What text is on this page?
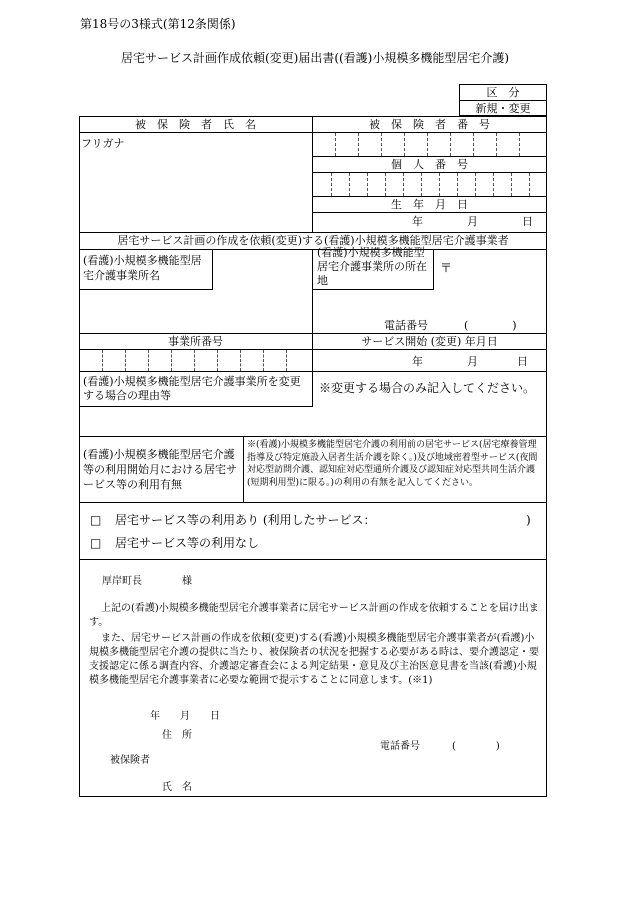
第18号の3様式(第12条関係)
居宅サービス計画作成依頼(変更)届出書((看護)小規模多機能型居宅介護)
区　分
新規・変更
被　保　険　者　氏　名	被　保　険　者　番　号
フリガナ
個　人　番　号
生　年　月　日
年	月	日
居宅サービス計画の作成を依頼(変更)する(看護)小規模多機能型居宅介護事業者
(看護)小規模多機能型居宅介護事業所名
(看護)小規模多機能型居宅介護事業所の所在地
〒
電話番号	(　　　　)
事業所番号	サービス開始 (変更) 年月日
年	月	日
(看護)小規模多機能型居宅介護事業所を変更する場合の理由等
※変更する場合のみ記入してください。
(看護)小規模多機能型居宅介護等の利用開始月における居宅サービス等の利用有無
※(看護)小規模多機能型居宅介護の利用前の居宅サービス(居宅療養管理指導及び特定施設入居者生活介護を除く。)及び地域密着型サービス(夜間対応型訪問介護、認知症対応型通所介護及び認知症対応型共同生活介護(短期利用型)に限る。)の利用の有無を記入してください。
□ 居宅サービス等の利用あり (利用したサービス：	)
□ 居宅サービス等の利用なし
厚岸町長　　　　様
上記の(看護)小規模多機能型居宅介護事業者に居宅サービス計画の作成を依頼することを届け出ます。
また、居宅サービス計画の作成を依頼(変更)する(看護)小規模多機能型居宅介護事業者が(看護)小規模多機能型居宅介護の提供に当たり、被保険者の状況を把握する必要がある時は、要介護認定・要支援認定に係る調査内容、介護認定審査会による判定結果・意見及び主治医意見書を当該(看護)小規模多機能型居宅介護事業者に必要な範囲で提示することに同意します。(※1)
年 月 日
住　所
電話番号	(　　　　)
被保険者
氏　名
